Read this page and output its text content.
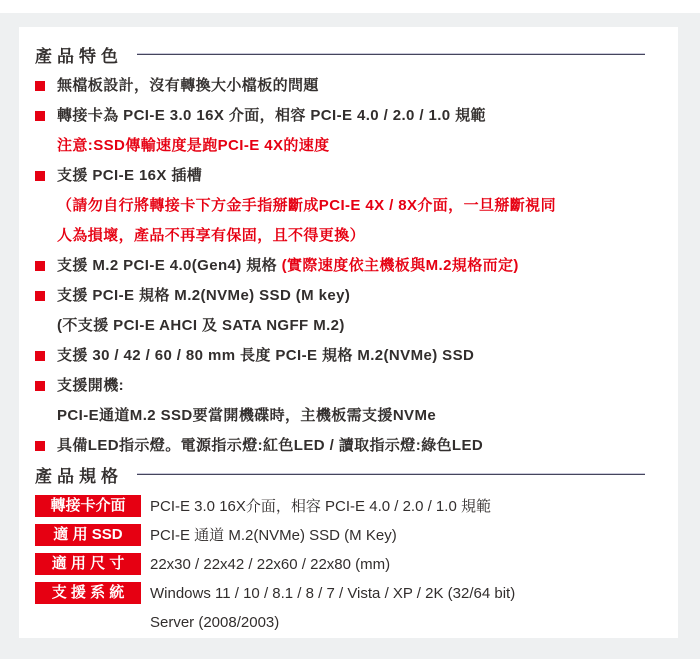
產品特色
無檔板設計，沒有轉換大小檔板的問題
轉接卡為 PCI-E 3.0 16X 介面，相容 PCI-E 4.0 / 2.0 / 1.0 規範
注意:SSD傳輸速度是跑PCI-E 4X的速度
支援 PCI-E 16X 插槽
（請勿自行將轉接卡下方金手指掰斷成PCI-E 4X / 8X介面，一旦掰斷視同
人為損壞，產品不再享有保固，且不得更換）
支援 M.2 PCI-E 4.0(Gen4) 規格 (實際速度依主機板與M.2規格而定)
支援 PCI-E 規格 M.2(NVMe) SSD (M key)
(不支援 PCI-E AHCI 及 SATA NGFF M.2)
支援 30 / 42 / 60 / 80 mm 長度 PCI-E 規格 M.2(NVMe) SSD
支援開機:
PCI-E通道M.2 SSD要當開機碟時，主機板需支援NVMe
具備LED指示燈。電源指示燈:紅色LED / 讀取指示燈:綠色LED
產品規格
轉接卡介面	PCI-E 3.0 16X介面，相容 PCI-E 4.0 / 2.0 / 1.0 規範
適 用 SSD	PCI-E 通道 M.2(NVMe) SSD (M Key)
適 用 尺 寸	22x30 / 22x42 / 22x60 / 22x80 (mm)
支 援 系 統	Windows 11 / 10 / 8.1 / 8 / 7 / Vista / XP / 2K (32/64 bit)
Server (2008/2003)
